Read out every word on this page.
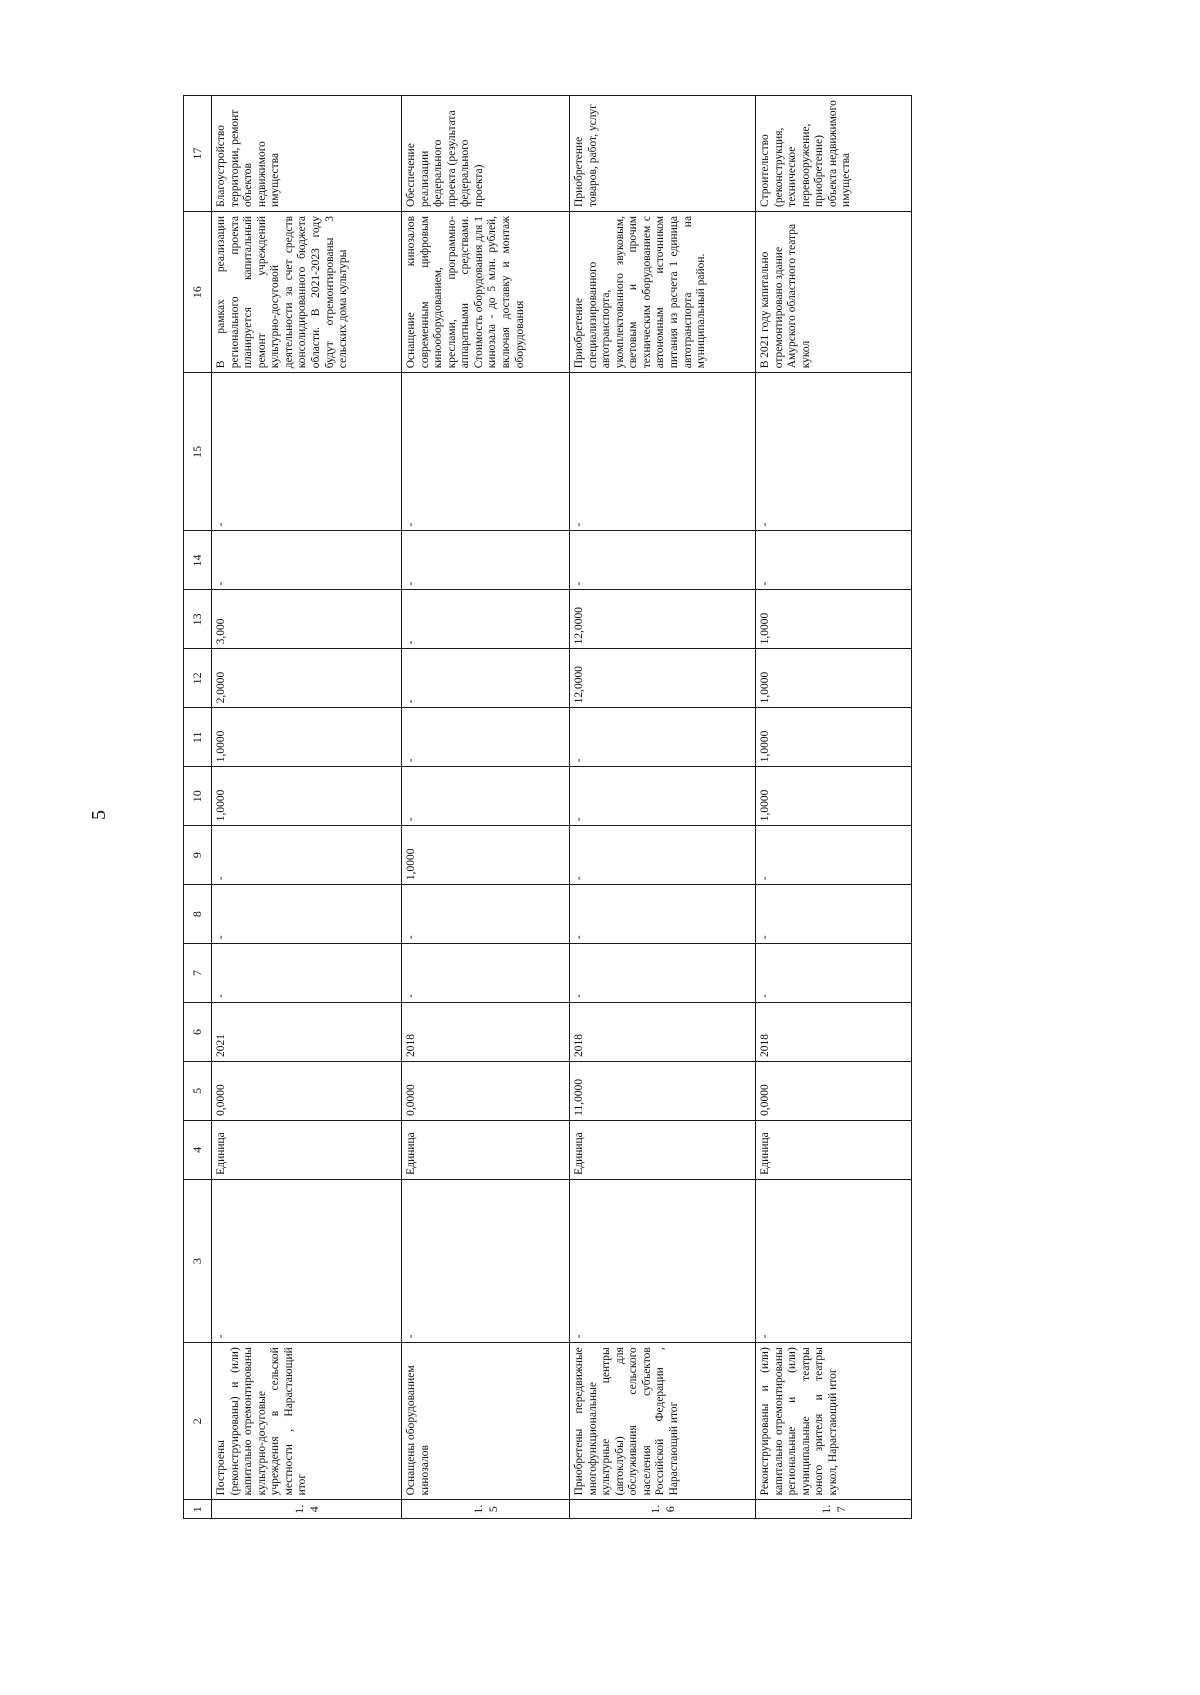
5
1	2	3	4	5	6	7	8	9	10	11	12	13	14	15	16	17
1.4	Построены (реконструированы) и (или) капитально отремонтированы культурно-досуговые учреждения в сельской местности , Нарастающий итог	-	Единица	0,0000	2021	-	-	-	1,0000	1,0000	2,0000	3,000	-	-	В рамках реализации регионального проекта планируется капитальный ремонт учреждений культурно-досуговой деятельности за счет средств консолидированного бюджета области. В 2021-2023 году будут отремонтированы 3 сельских дома культуры	Благоустройство территории, ремонт объектов недвижимого имущества
1.5	Оснащены оборудованием кинозалов	-	Единица	0,0000	2018	-	-	1,0000	-	-	-	-	-	-	Оснащение кинозалов современным цифровым кинооборудованием, креслами, программно-аппаратными средствами. Стоимость оборудования для 1 кинозала - до 5 млн. рублей, включая доставку и монтаж оборудования	Обеспечение реализации федерального проекта (результата федерального проекта)
1.6	Приобретены передвижные многофункциональные культурные центры (автоклубы) для обслуживания сельского населения субъектов Российской Федерации , Нарастающий итог	-	Единица	11,0000	2018	-	-	-	-	-	12,0000	12,0000	-	-	Приобретение специализированного автотранспорта, укомплектованного звуковым, световым и прочим техническим оборудованием с автономным источником питания из расчета 1 единица автотранспорта на муниципальный район.	Приобретение товаров, работ, услуг
1.7	Реконструированы и (или) капитально отремонтированы региональные и (или) муниципальные театры юного зрителя и театры кукол, Нарастающий итог	-	Единица	0,0000	2018	-	-	-	1,0000	1,0000	1,0000	1,0000	-	-	В 2021 году капитально отремонтировано здание Амурского областного театра кукол	Строительство (реконструкция, техническое перевооружение, приобретение) объекта недвижимого имущества
